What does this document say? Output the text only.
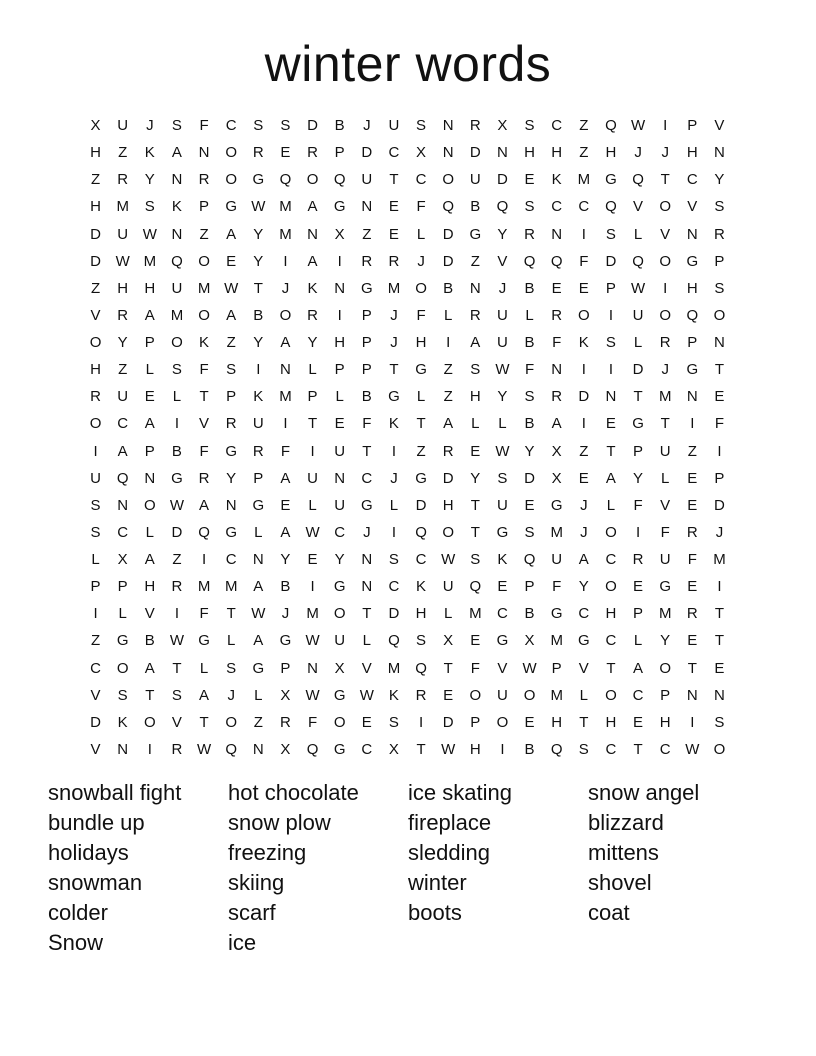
winter words
X	U	J	S	F	C	S	S	D	B	J	U	S	N	R	X	S	C	Z	Q W	I	P	V
H	Z	K	A	N	O	R	E	R	P	D	C	X	N	D	N	H	H	Z	H	J	J	H	N
Z	R	Y	N	R	O	G	Q	O	Q	U	T	C	O	U	D	E	K	M	G	Q	T	C	Y
H	M	S	K	P	G W M	A	G	N	E	F	Q	B	Q	S	C	C	Q	V	O	V	S
D	U W N	Z	A	Y	M	N	X	Z	E	L	D	G	Y	R	N	I	S	L	V	N	R
D W M	Q	O	E	Y	I	A	I	R	R	J	D	Z	V	Q	Q	F	D	Q	O	G	P
Z	H	H	U	M W	T	J	K	N	G	M	O	B	N	J	B	E	E	P	W	I	H	S
V	R	A	M	O	A	B	O	R	I	P	J	F	L	R	U	L	R	O	I	U	O	Q	O
O	Y	P	O	K	Z	Y	A	Y	H	P	J	H	I	A	U	B	F	K	S	L	R	P	N
H	Z	L	S	F	S	I	N	L	P	P	T	G	Z	S	W	F	N	I	I	D	J	G	T
R	U	E	L	T	P	K	M	P	L	B	G	L	Z	H	Y	S	R	D	N	T	M	N	E
O	C	A	I	V	R	U	I	T	E	F	K	T	A	L	L	B	A	I	E	G	T	I	F
I	A	P	B	F	G	R	F	I	U	T	I	Z	R	E	W	Y	X	Z	T	P	U	Z	I
U	Q	N	G	R	Y	P	A	U	N	C	J	G	D	Y	S	D	X	E	A	Y	L	E	P
S	N	O W	A	N	G	E	L	U	G	L	D	H	T	U	E	G	J	L	F	V	E	D
S	C	L	D	Q	G	L	A	W C	J	I	Q	O	T	G	S	M	J	O	I	F	R	J
L	X	A	Z	I	C	N	Y	E	Y	N	S	C W	S	K	Q	U	A	C	R	U	F	M
P	P	H	R	M M	A	B	I	G	N	C	K	U	Q	E	P	F	Y	O	E	G	E	I
I	L	V	I	F	T	W	J	M	O	T	D	H	L	M	C	B	G	C	H	P	M	R	T
Z	G	B	W G	L	A	G W U	L	Q	S	X	E	G	X	M	G	C	L	Y	E	T
C	O	A	T	L	S	G	P	N	X	V	M	Q	T	F	V	W	P	V	T	A	O	T	E
V	S	T	S	A	J	L	X	W G W	K	R	E	O	U	O	M	L	O	C	P	N	N
D	K	O	V	T	O	Z	R	F	O	E	S	I	D	P	O	E	H	T	H	E	H	I	S
V	N	I	R W Q	N	X	Q	G	C	X	T	W H	I	B	Q	S	C	T	C W O
snowball fight
bundle up
holidays
snowman
colder
Snow
hot chocolate
snow plow
freezing
skiing
scarf
ice
ice skating
fireplace
sledding
winter
boots
snow angel
blizzard
mittens
shovel
coat
